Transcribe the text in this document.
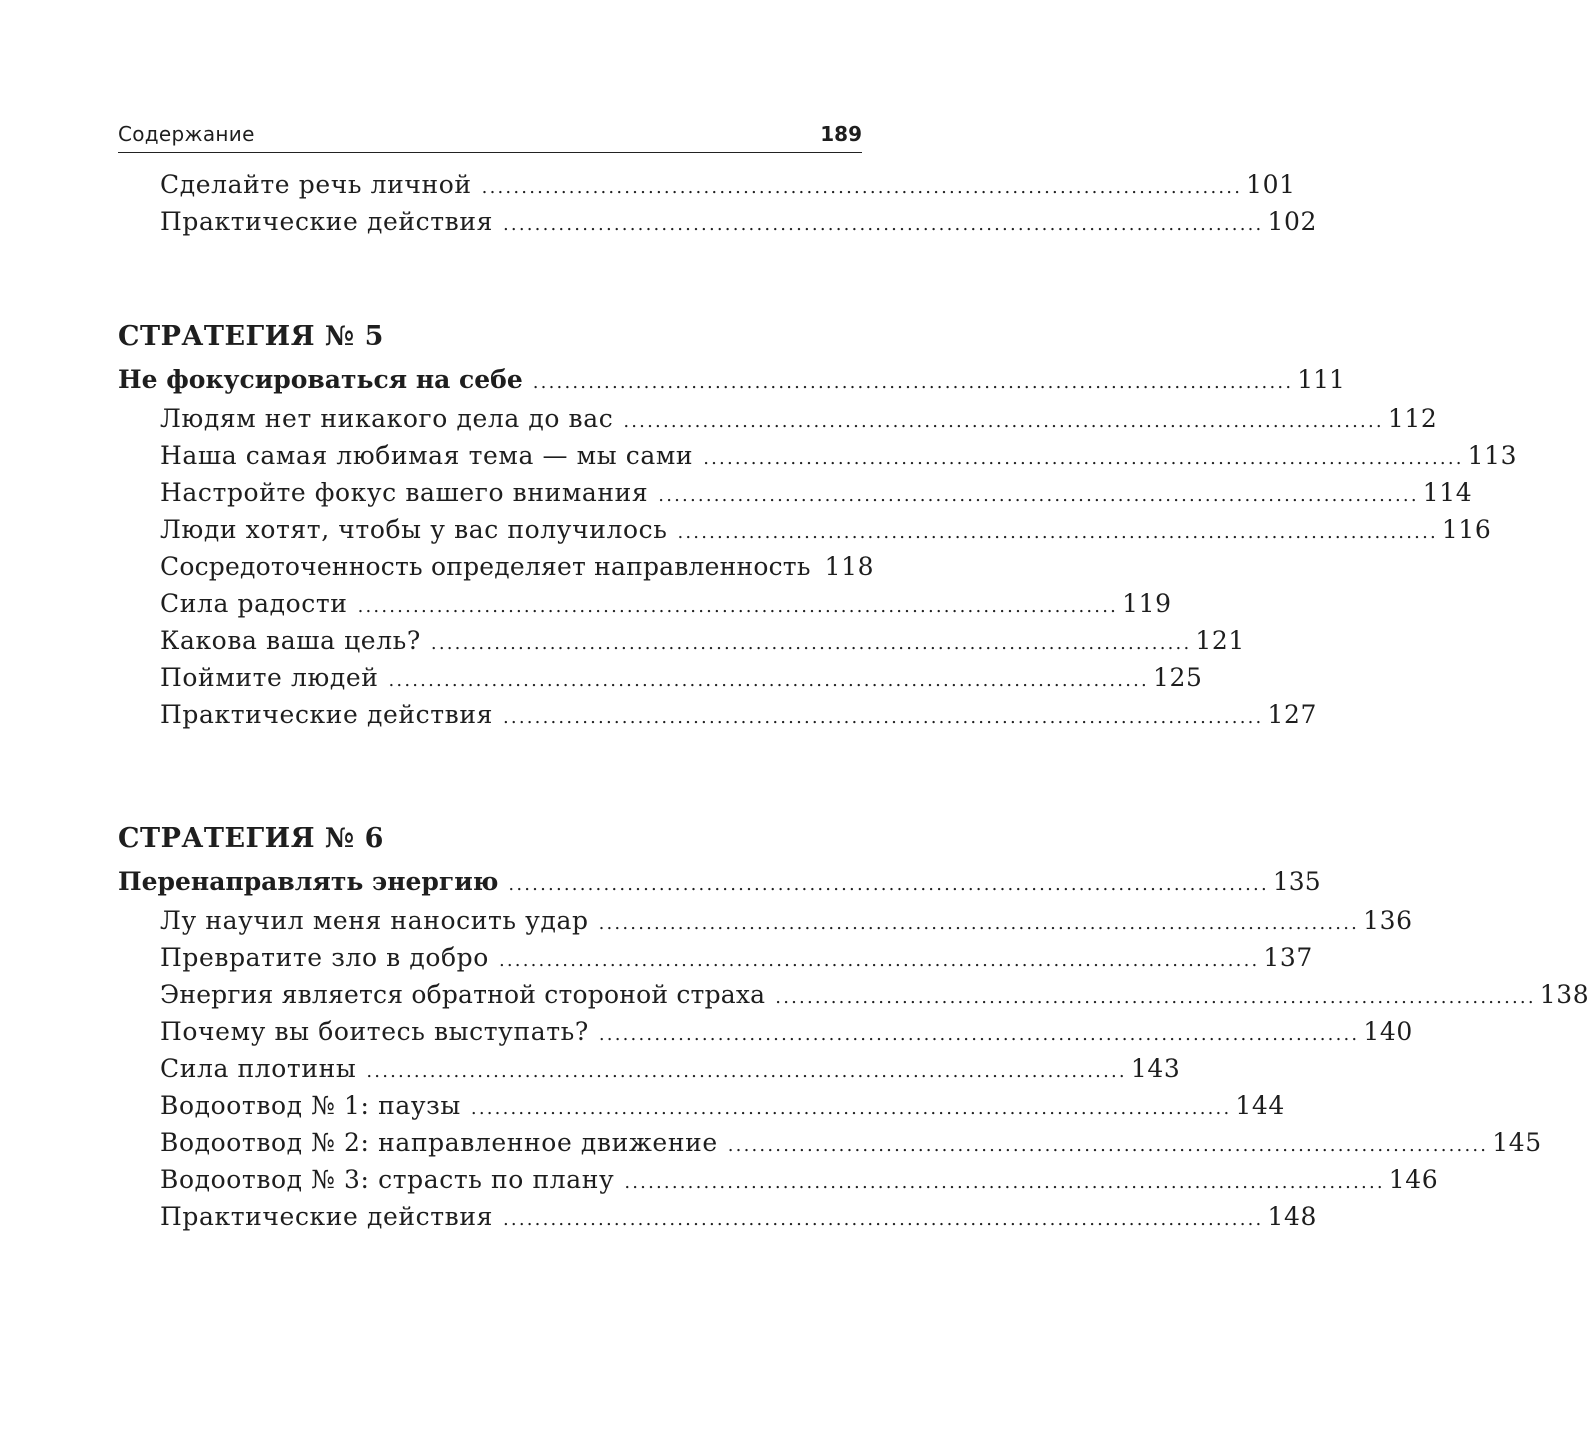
Содержание	189
Сделайте речь личной ................................................................................................ 101
Практические действия ................................................................................................ 102
СТРАТЕГИЯ № 5
Не фокусироваться на себе ................................................................................................ 111
Людям нет никакого дела до вас ................................................................................................ 112
Наша самая любимая тема — мы сами ................................................................................................ 113
Настройте фокус вашего внимания ................................................................................................ 114
Люди хотят, чтобы у вас получилось ................................................................................................ 116
Сосредоточенность определяет направленность 118
Сила радости ................................................................................................ 119
Какова ваша цель? ................................................................................................ 121
Поймите людей ................................................................................................ 125
Практические действия ................................................................................................ 127
СТРАТЕГИЯ № 6
Перенаправлять энергию ................................................................................................ 135
Лу научил меня наносить удар ................................................................................................ 136
Превратите зло в добро ................................................................................................ 137
Энергия является обратной стороной страха ................................................................................................ 138
Почему вы боитесь выступать? ................................................................................................ 140
Сила плотины ................................................................................................ 143
Водоотвод № 1: паузы ................................................................................................ 144
Водоотвод № 2: направленное движение ................................................................................................ 145
Водоотвод № 3: страсть по плану ................................................................................................ 146
Практические действия ................................................................................................ 148
